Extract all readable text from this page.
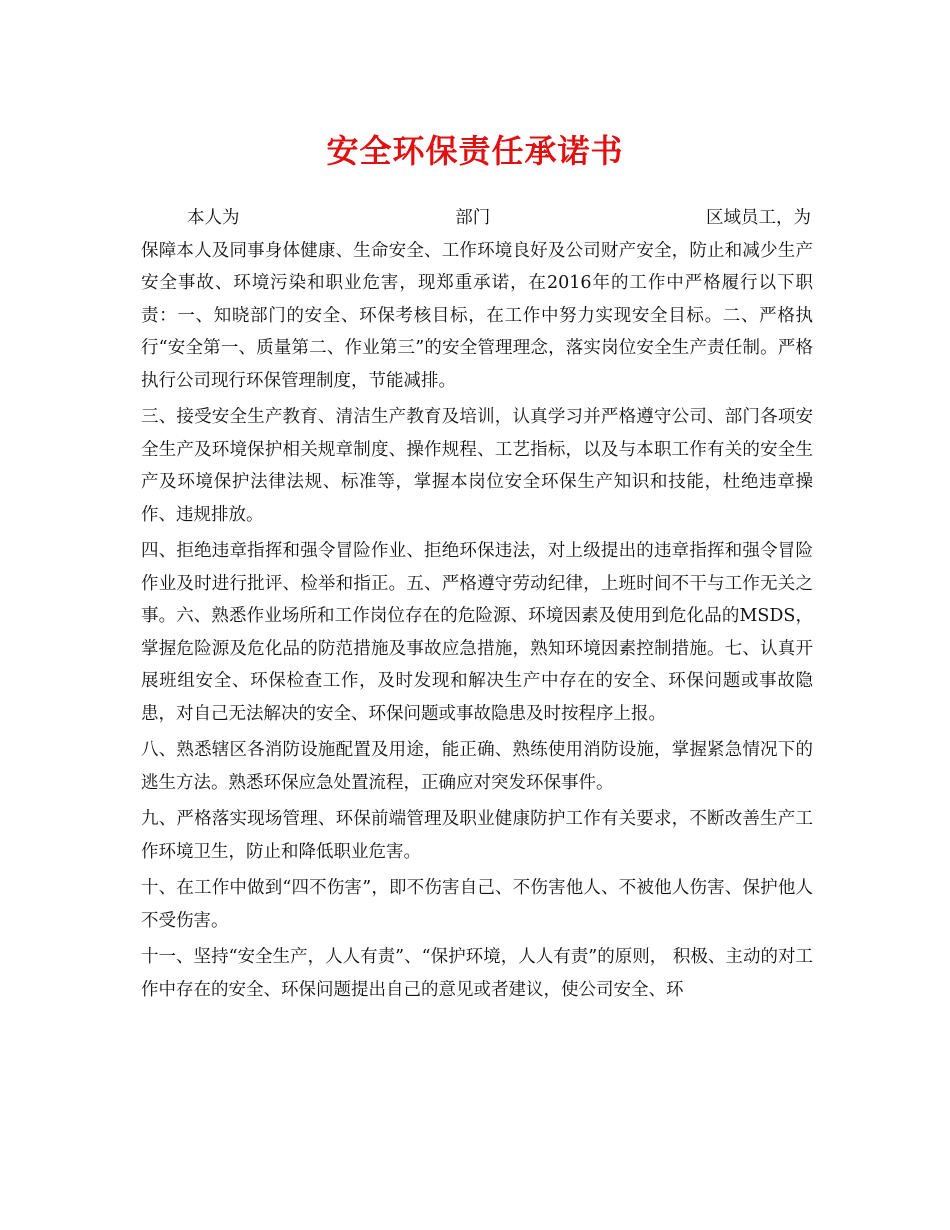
安全环保责任承诺书
本人为	部门	区域员工，为
保障本人及同事身体健康、生命安全、工作环境良好及公司财产安全，防止和减少生产安全事故、环境污染和职业危害，现郑重承诺，在2016年的工作中严格履行以下职责：一、知晓部门的安全、环保考核目标，在工作中努力实现安全目标。二、严格执行“安全第一、质量第二、作业第三”的安全管理理念，落实岗位安全生产责任制。严格执行公司现行环保管理制度，节能减排。
三、接受安全生产教育、清洁生产教育及培训，认真学习并严格遵守公司、部门各项安全生产及环境保护相关规章制度、操作规程、工艺指标，以及与本职工作有关的安全生产及环境保护法律法规、标准等，掌握本岗位安全环保生产知识和技能，杜绝违章操作、违规排放。
四、拒绝违章指挥和强令冒险作业、拒绝环保违法，对上级提出的违章指挥和强令冒险作业及时进行批评、检举和指正。五、严格遵守劳动纪律，上班时间不干与工作无关之事。六、熟悉作业场所和工作岗位存在的危险源、环境因素及使用到危化品的MSDS，掌握危险源及危化品的防范措施及事故应急措施，熟知环境因素控制措施。七、认真开展班组安全、环保检查工作，及时发现和解决生产中存在的安全、环保问题或事故隐患，对自己无法解决的安全、环保问题或事故隐患及时按程序上报。
八、熟悉辖区各消防设施配置及用途，能正确、熟练使用消防设施，掌握紧急情况下的逃生方法。熟悉环保应急处置流程，正确应对突发环保事件。
九、严格落实现场管理、环保前端管理及职业健康防护工作有关要求，不断改善生产工作环境卫生，防止和降低职业危害。
十、在工作中做到“四不伤害”，即不伤害自己、不伤害他人、不被他人伤害、保护他人不受伤害。
十一、坚持“安全生产，人人有责”、“保护环境，人人有责”的原则， 积极、主动的对工作中存在的安全、环保问题提出自己的意见或者建议，使公司安全、环
